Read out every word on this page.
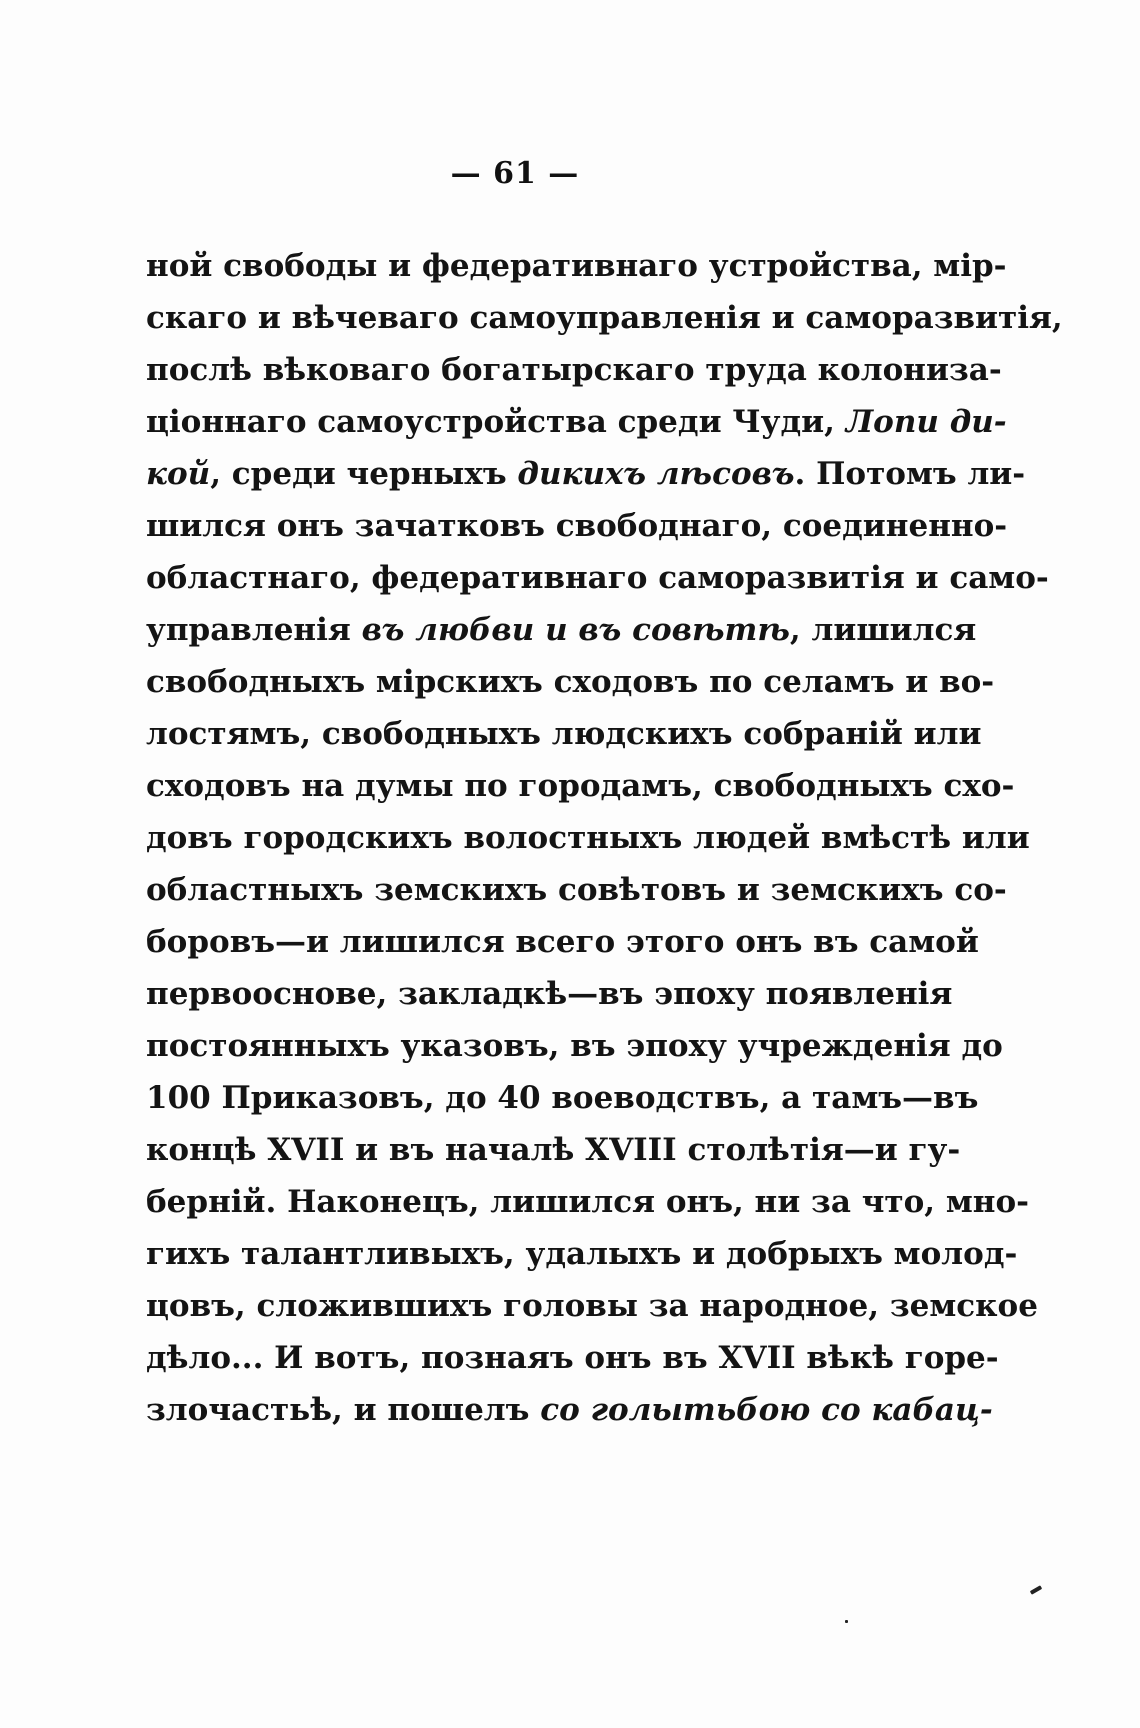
— 61 —
ной свободы и федеративнаго устройства, мір-
скаго и вѣчеваго самоуправленія и саморазвитія,
послѣ вѣковаго богатырскаго труда колониза-
ціоннаго самоустройства среди Чуди, Лопи ди-
кой, среди черныхъ дикихъ лѣсовъ. Потомъ ли-
шился онъ зачатковъ свободнаго, соединенно-
областнаго, федеративнаго саморазвитія и само-
управленія въ любви и въ совѣтѣ, лишился
свободныхъ мірскихъ сходовъ по селамъ и во-
лостямъ, свободныхъ людскихъ собраній или
сходовъ на думы по городамъ, свободныхъ схо-
довъ городскихъ волостныхъ людей вмѣстѣ или
областныхъ земскихъ совѣтовъ и земскихъ со-
боровъ—и лишился всего этого онъ въ самой
первооснове, закладкѣ—въ эпоху появленія
постоянныхъ указовъ, въ эпоху учрежденія до
100 Приказовъ, до 40 воеводствъ, а тамъ—въ
концѣ XVII и въ началѣ XVIII столѣтія—и гу-
берній. Наконецъ, лишился онъ, ни за что, мно-
гихъ талантливыхъ, удалыхъ и добрыхъ молод-
цовъ, сложившихъ головы за народное, земское
дѣло... И вотъ, познаяъ онъ въ XVII вѣкѣ горе-
злочастьѣ, и пошелъ со голытьбою со кабац-
